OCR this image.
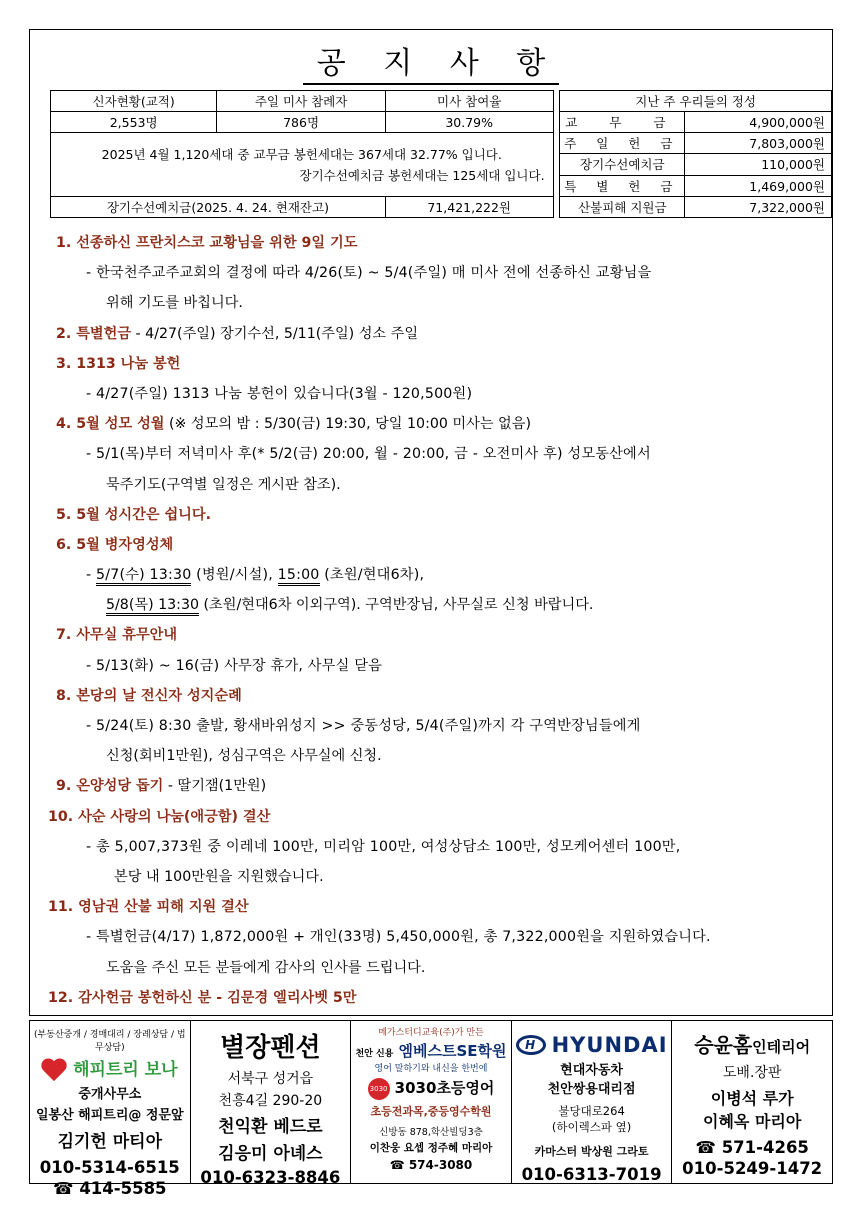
공 지 사 항
신자현황(교적)	주일 미사 참례자	미사 참여율		지난 주 우리들의 정성	
2,553명	786명	30.79%		교 무 금	4,900,000원

2025년 4월 1,120세대 중 교무금 봉헌세대는 367세대 32.77% 입니다.
장기수선예치금 봉헌세대는 125세대 입니다.				주 일 헌 금	7,803,000원
				장기수선예치금	110,000원
				특 별 헌 금	1,469,000원
장기수선예치금(2025. 4. 24. 현재잔고)		71,421,222원		산불피해 지원금	7,322,000원
1. 선종하신 프란치스코 교황님을 위한 9일 기도
- 한국천주교주교회의 결정에 따라 4/26(토) ~ 5/4(주일) 매 미사 전에 선종하신 교황님을
위해 기도를 바칩니다.
2. 특별헌금 - 4/27(주일) 장기수선, 5/11(주일) 성소 주일
3. 1313 나눔 봉헌
- 4/27(주일) 1313 나눔 봉헌이 있습니다(3월 - 120,500원)
4. 5월 성모 성월 (※ 성모의 밤 : 5/30(금) 19:30, 당일 10:00 미사는 없음)
- 5/1(목)부터 저녁미사 후(* 5/2(금) 20:00, 월 - 20:00, 금 - 오전미사 후) 성모동산에서
묵주기도(구역별 일정은 게시판 참조).
5. 5월 성시간은 쉽니다.
6. 5월 병자영성체
- 5/7(수) 13:30 (병원/시설), 15:00 (초원/현대6차),
5/8(목) 13:30 (초원/현대6차 이외구역). 구역반장님, 사무실로 신청 바랍니다.
7. 사무실 휴무안내
- 5/13(화) ~ 16(금) 사무장 휴가, 사무실 닫음
8. 본당의 날 전신자 성지순례
- 5/24(토) 8:30 출발, 황새바위성지 >> 중동성당, 5/4(주일)까지 각 구역반장님들에게
신청(회비1만원), 성심구역은 사무실에 신청.
9. 온양성당 돕기 - 딸기잼(1만원)
10. 사순 사랑의 나눔(애긍함) 결산
- 총 5,007,373원 중 이레네 100만, 미리암 100만, 여성상담소 100만, 성모케어센터 100만,
본당 내 100만원을 지원했습니다.
11. 영남권 산불 피해 지원 결산
- 특별헌금(4/17) 1,872,000원 + 개인(33명) 5,450,000원, 총 7,322,000원을 지원하였습니다.
도움을 주신 모든 분들에게 감사의 인사를 드립니다.
12. 감사헌금 봉헌하신 분 - 김문경 엘리사벳 5만
(부동산중개 / 경매대리 / 장례상담 / 법무상담)
해피트리 보나
중개사무소
일봉산 해피트리@ 정문앞
김기헌 마티아
010-5314-6515
☎ 414-5585
별장펜션
서북구 성거읍
천흥4길 290-20
천익환 베드로
김응미 아녜스
010-6323-8846
메가스터디교육(주)가 만든
천안 신용 엠베스트SE학원
영어 말하기와 내신을 한번에
3030 3030초등영어
초등전과목,중등영수학원
신방동 878,학산빌딩3층
이찬웅 요셉 정주혜 마리아
☎ 574-3080
H HYUNDAI
현대자동차
천안쌍용대리점
불당대로264
(하이렉스파 옆)
카마스터 박상원 그라토
010-6313-7019
승윤홈인테리어
도배.장판
이병석 루가
이혜옥 마리아
☎ 571-4265
010-5249-1472
